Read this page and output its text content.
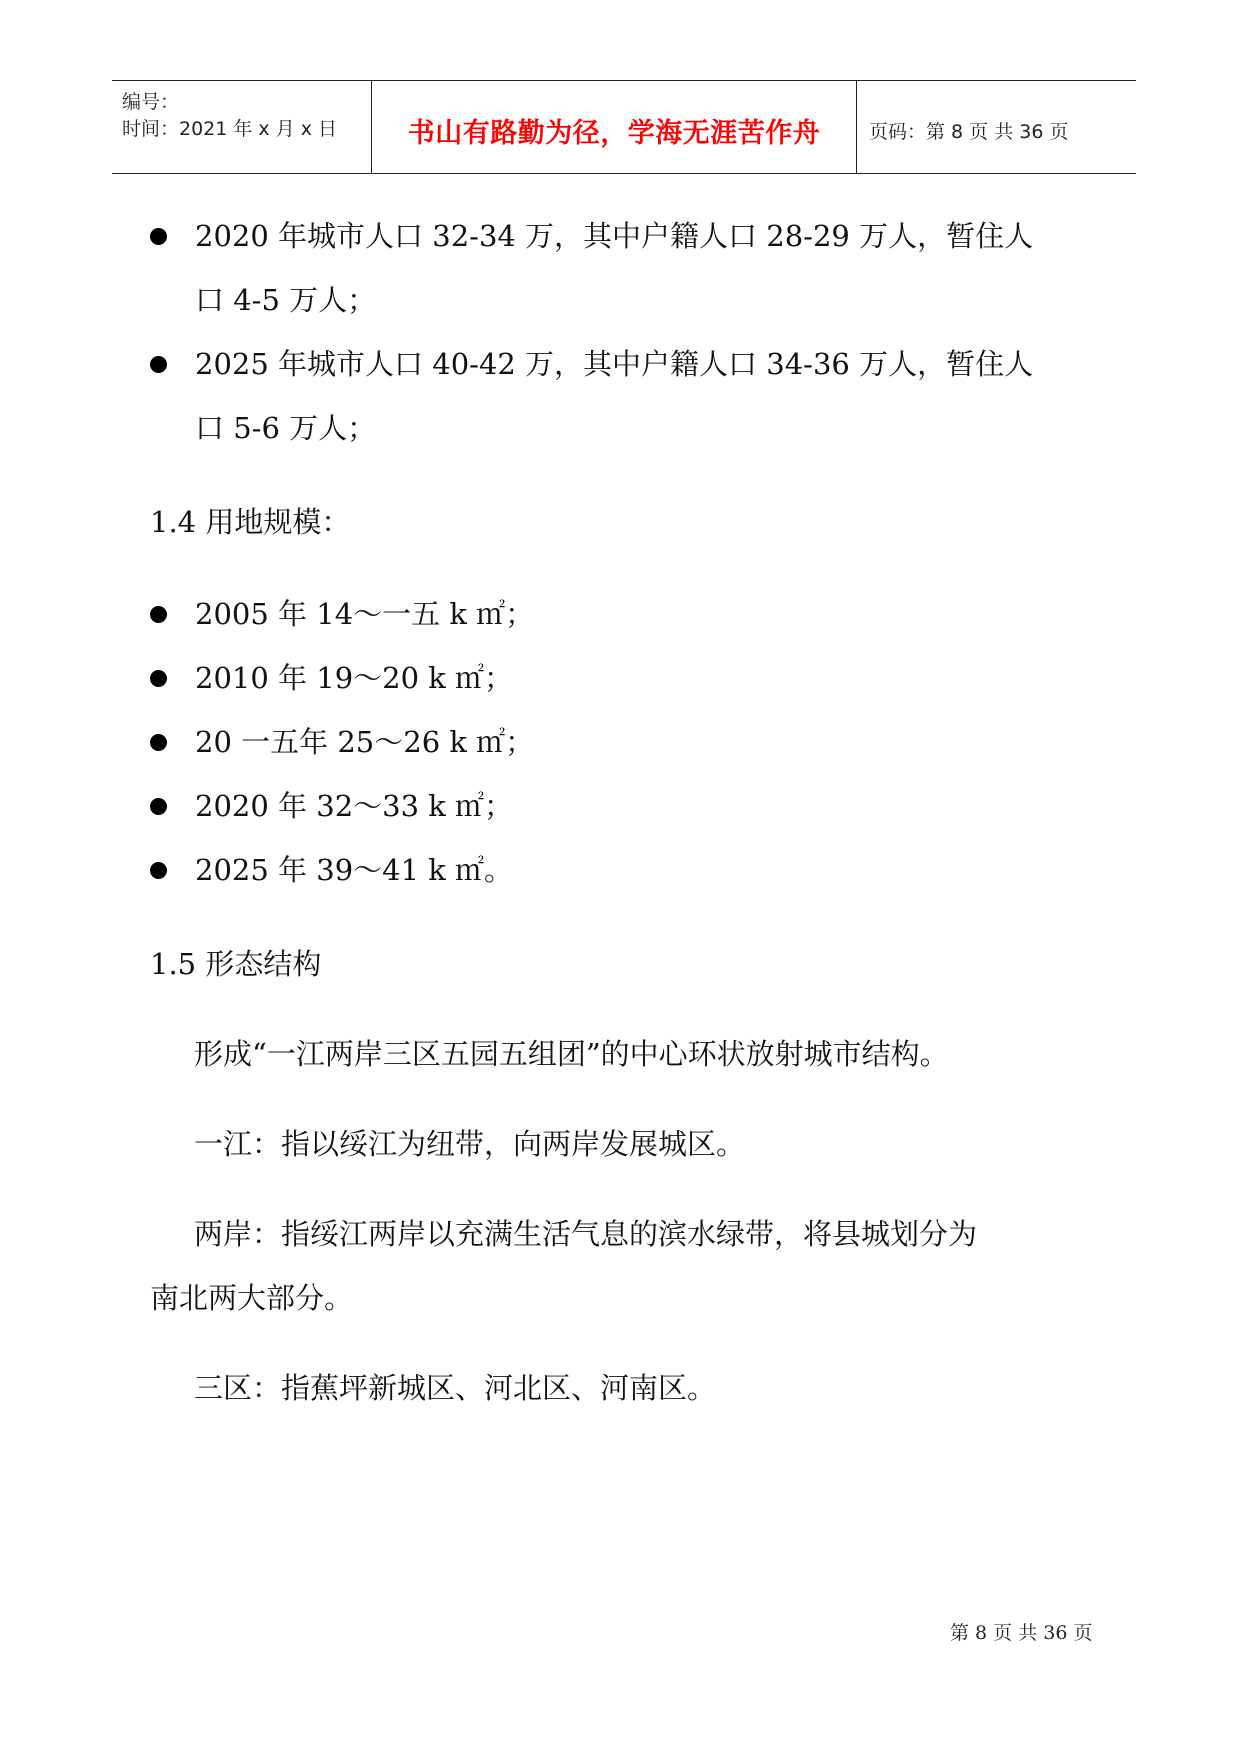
编号：
时间：2021 年 x 月 x 日	书山有路勤为径，学海无涯苦作舟	页码：第 8 页 共 36 页
2020 年城市人口 32-34 万，其中户籍人口 28-29 万人，暂住人
口 4-5 万人；
2025 年城市人口 40-42 万，其中户籍人口 34-36 万人，暂住人
口 5-6 万人；
1.4 用地规模：
2005 年 14～一五 k ㎡；
2010 年 19～20 k ㎡；
20 一五年 25～26 k ㎡；
2020 年 32～33 k ㎡；
2025 年 39～41 k ㎡。
1.5 形态结构
形成“一江两岸三区五园五组团”的中心环状放射城市结构。
一江：指以绥江为纽带，向两岸发展城区。
两岸：指绥江两岸以充满生活气息的滨水绿带，将县城划分为
南北两大部分。
三区：指蕉坪新城区、河北区、河南区。
第 8 页 共 36 页
